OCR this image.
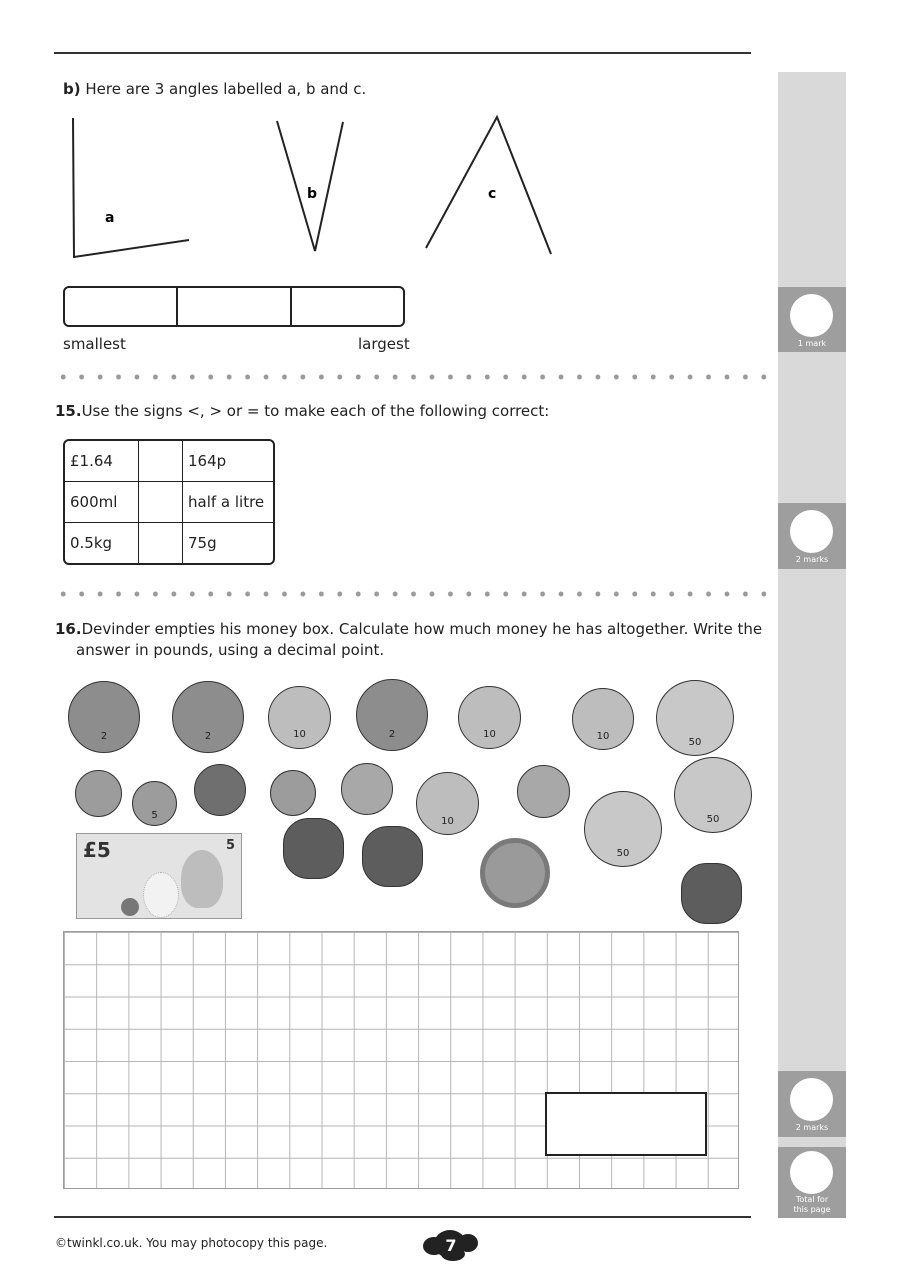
1 mark
2 marks
2 marks
Total for this page
b) Here are 3 angles labelled a, b and c.
a
b	c
smallest	largest
15.Use the signs <, > or = to make each of the following correct:
£1.64		164p
600ml		half a litre
0.5kg		75g
16.Devinder empties his money box. Calculate how much money he has altogether. Write the
answer in pounds, using a decimal point.
2	2	10	2	10	10
50
5
10	50
50
£5	5
©twinkl.co.uk. You may photocopy this page.	7
